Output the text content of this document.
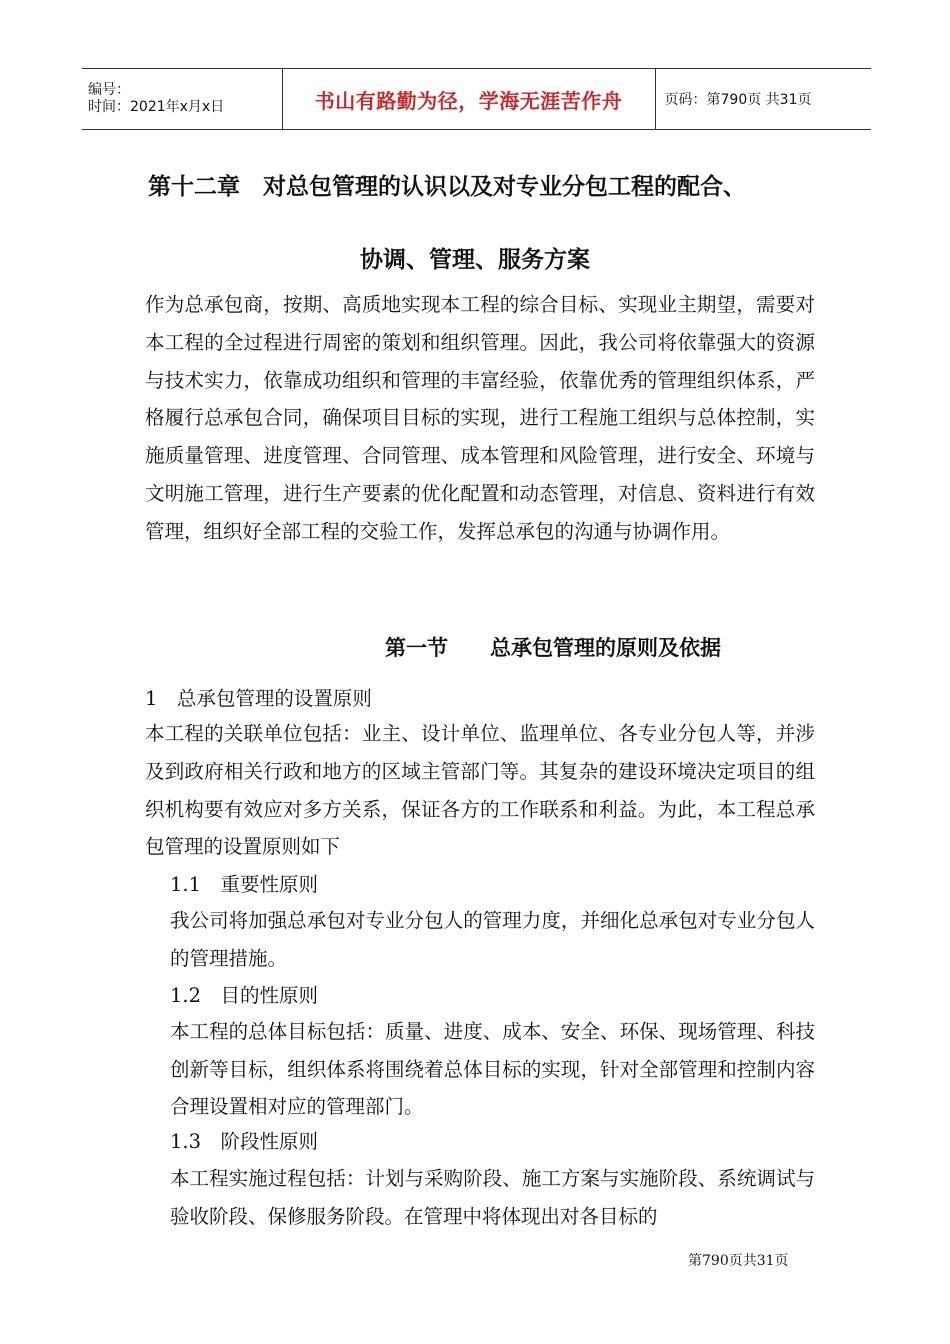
编号：
时间：2021年x月x日	书山有路勤为径，学海无涯苦作舟	页码：第790页 共31页
第十二章　对总包管理的认识以及对专业分包工程的配合、
协调、管理、服务方案
作为总承包商，按期、高质地实现本工程的综合目标、实现业主期望，需要对本工程的全过程进行周密的策划和组织管理。因此，我公司将依靠强大的资源与技术实力，依靠成功组织和管理的丰富经验，依靠优秀的管理组织体系，严格履行总承包合同，确保项目目标的实现，进行工程施工组织与总体控制，实施质量管理、进度管理、合同管理、成本管理和风险管理，进行安全、环境与文明施工管理，进行生产要素的优化配置和动态管理，对信息、资料进行有效管理，组织好全部工程的交验工作，发挥总承包的沟通与协调作用。
第一节　　总承包管理的原则及依据
1　总承包管理的设置原则
本工程的关联单位包括：业主、设计单位、监理单位、各专业分包人等，并涉及到政府相关行政和地方的区域主管部门等。其复杂的建设环境决定项目的组织机构要有效应对多方关系，保证各方的工作联系和利益。为此，本工程总承包管理的设置原则如下
1.1　重要性原则
我公司将加强总承包对专业分包人的管理力度，并细化总承包对专业分包人的管理措施。
1.2　目的性原则
本工程的总体目标包括：质量、进度、成本、安全、环保、现场管理、科技创新等目标，组织体系将围绕着总体目标的实现，针对全部管理和控制内容合理设置相对应的管理部门。
1.3　阶段性原则
本工程实施过程包括：计划与采购阶段、施工方案与实施阶段、系统调试与验收阶段、保修服务阶段。在管理中将体现出对各目标的
第790页共31页
